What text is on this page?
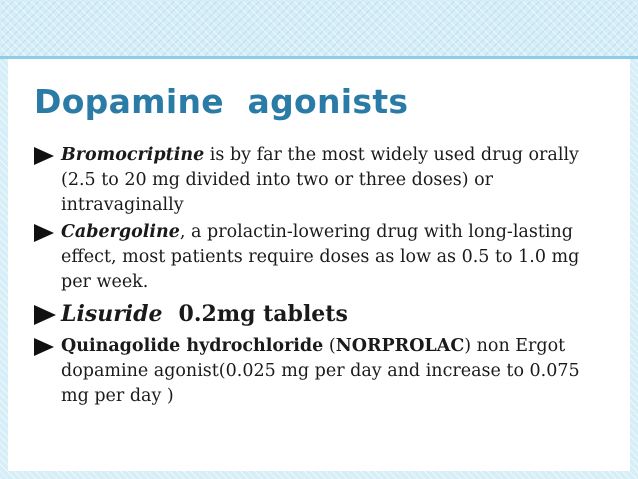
Dopamine  agonists
Bromocriptine is by far the most widely used drug orally (2.5 to 20 mg divided into two or three doses) or intravaginally
Cabergoline, a prolactin-lowering drug with long-lasting effect, most patients require doses as low as 0.5 to 1.0 mg per week.
Lisuride 0.2mg tablets
Quinagolide hydrochloride (NORPROLAC) non Ergot dopamine agonist(0.025 mg per day and increase to 0.075 mg per day )
